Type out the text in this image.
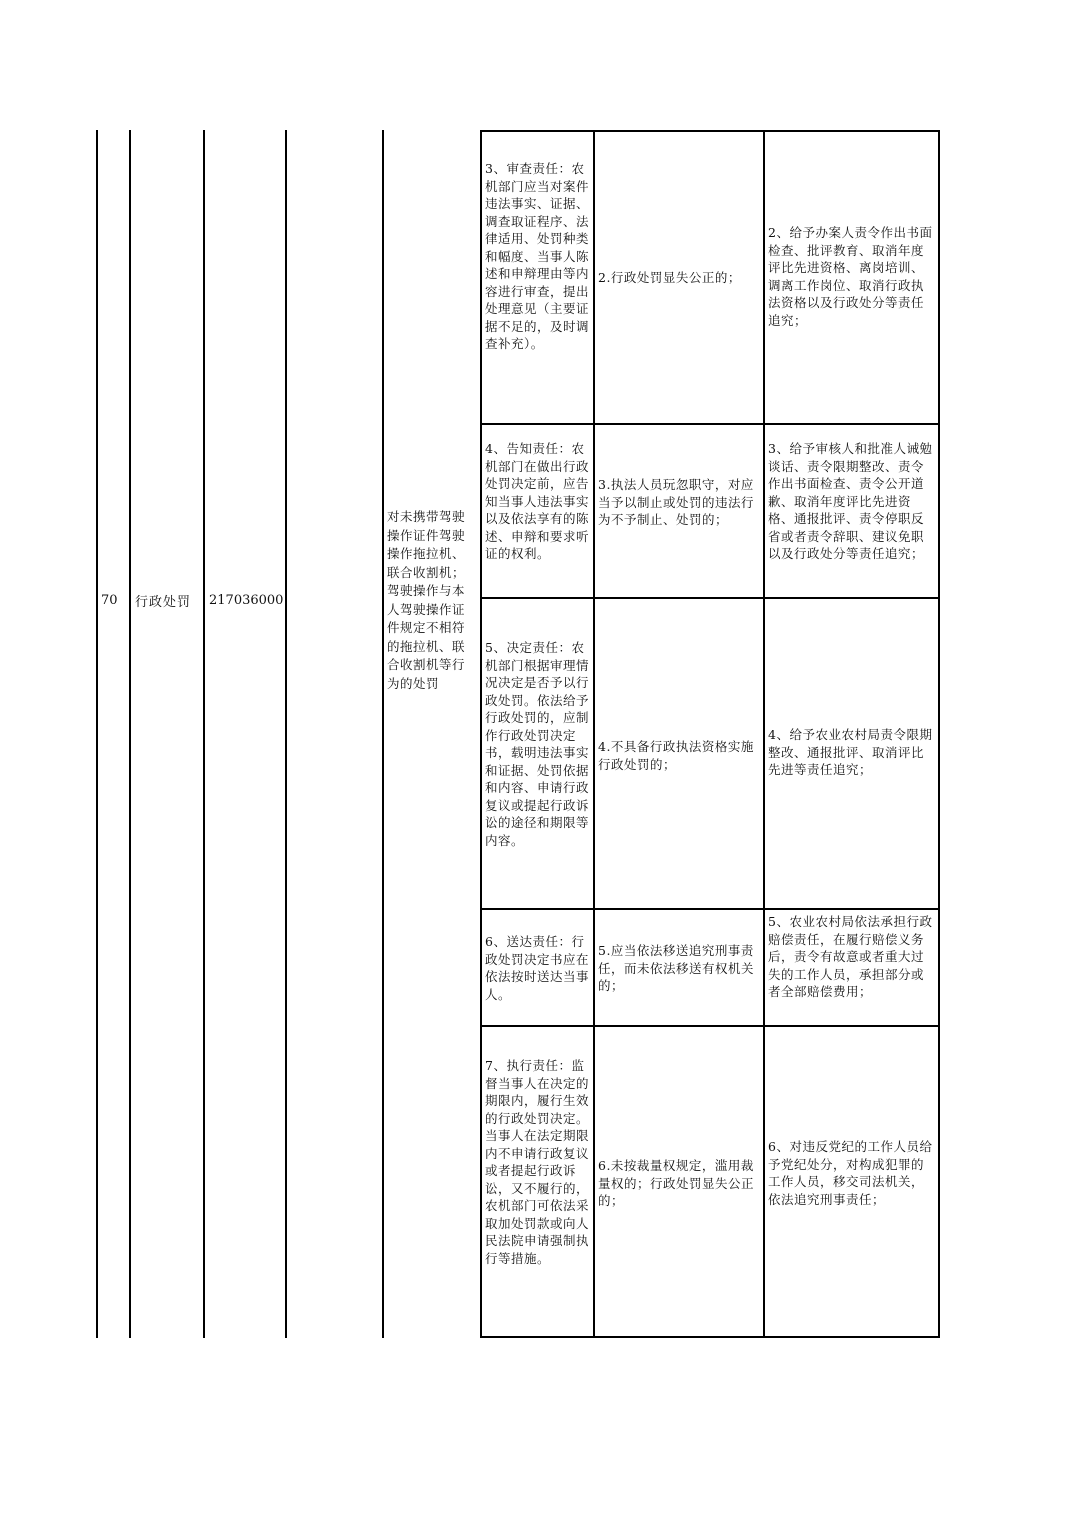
70	行政处罚	217036000
对未携带驾驶操作证件驾驶操作拖拉机、联合收割机；驾驶操作与本人驾驶操作证件规定不相符的拖拉机、联合收割机等行为的处罚
3、审查责任：农机部门应当对案件违法事实、证据、调查取证程序、法律适用、处罚种类和幅度、当事人陈述和申辩理由等内容进行审查，提出处理意见（主要证据不足的，及时调查补充）。
2.行政处罚显失公正的；
2、给予办案人责令作出书面检查、批评教育、取消年度评比先进资格、离岗培训、调离工作岗位、取消行政执法资格以及行政处分等责任追究；
4、告知责任：农机部门在做出行政处罚决定前，应告知当事人违法事实以及依法享有的陈述、申辩和要求听证的权利。
3.执法人员玩忽职守，对应当予以制止或处罚的违法行为不予制止、处罚的；
3、给予审核人和批准人诫勉谈话、责令限期整改、责令作出书面检查、责令公开道歉、取消年度评比先进资格、通报批评、责令停职反省或者责令辞职、建议免职以及行政处分等责任追究；
5、决定责任：农机部门根据审理情况决定是否予以行政处罚。依法给予行政处罚的，应制作行政处罚决定书，载明违法事实和证据、处罚依据和内容、申请行政复议或提起行政诉讼的途径和期限等内容。
4.不具备行政执法资格实施行政处罚的；
4、给予农业农村局责令限期整改、通报批评、取消评比先进等责任追究；
6、送达责任：行政处罚决定书应在依法按时送达当事人。
5.应当依法移送追究刑事责任，而未依法移送有权机关的；
5、农业农村局依法承担行政赔偿责任，在履行赔偿义务后，责令有故意或者重大过失的工作人员，承担部分或者全部赔偿费用；
7、执行责任：监督当事人在决定的期限内，履行生效的行政处罚决定。当事人在法定期限内不申请行政复议或者提起行政诉讼，又不履行的，农机部门可依法采取加处罚款或向人民法院申请强制执行等措施。
6.未按裁量权规定，滥用裁量权的；行政处罚显失公正的；
6、对违反党纪的工作人员给予党纪处分，对构成犯罪的工作人员，移交司法机关，依法追究刑事责任；
